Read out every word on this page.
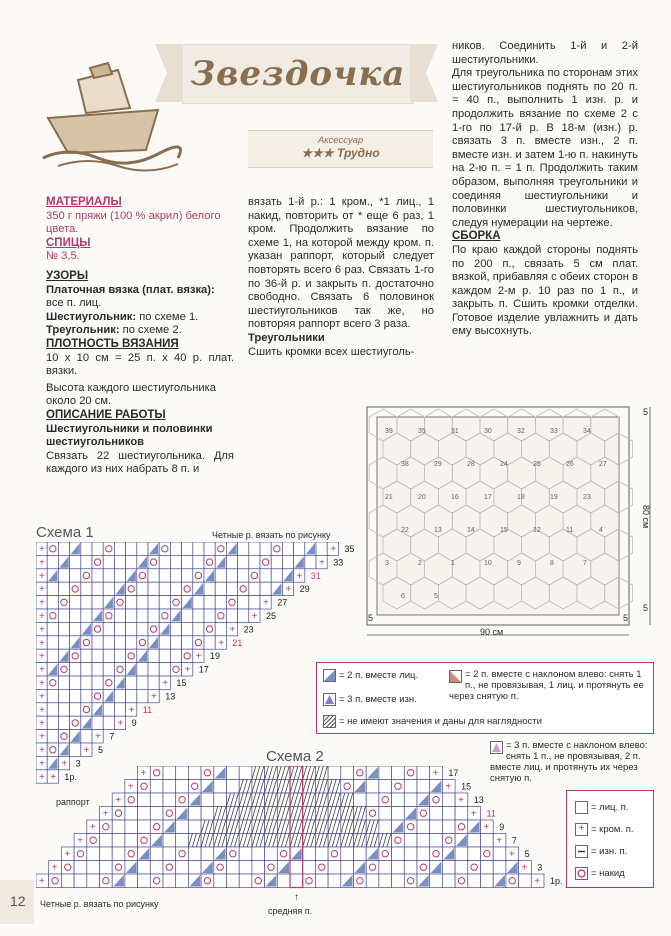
Звездочка
Аксессуар
★★★ Трудно

МАТЕРИАЛЫ

350 г пряжи (100 % акрил) белого цвета.

СПИЦЫ

№ 3,5.

УЗОРЫ

Платочная вязка (плат. вязка):

все п. лиц.

Шестиугольник: по схеме 1.

Треугольник: по схеме 2.

ПЛОТНОСТЬ ВЯЗАНИЯ

10 х 10 см = 25 п. х 40 р. плат. вязки.

Высота каждого шестиугольника около 20 см.

ОПИСАНИЕ РАБОТЫ

Шестиугольники и половинки шестиугольников

Связать 22 шестиугольника. Для каждого из них набрать 8 п. и

вязать 1-й р.: 1 кром., *1 лиц., 1 накид, повторить от * еще 6 раз, 1 кром. Продолжить вязание по схеме 1, на которой между кром. п. указан раппорт, который следует повторять всего 6 раз. Связать 1-го по 36-й р. и закрыть п. достаточно свободно. Связать 6 половинок шестиугольников так же, но повторяя раппорт всего 3 раза.

Треугольники

Сшить кромки всех шестиуголь-

ников. Соединить 1-й и 2-й шестиугольники.

Для треугольника по сторонам этих шестиугольников поднять по 20 п. = 40 п., выполнить 1 изн. р. и продолжить вязание по схеме 2 с 1-го по 17-й р. В 18-м (изн.) р. связать 3 п. вместе изн., 2 п. вместе изн. и затем 1-ю п. накинуть на 2-ю п. = 1 п. Продолжить таким образом, выполняя треугольники и соединяя шестиугольники и половинки шестиугольников, следуя нумерации на чертеже.

СБОРКА

По краю каждой стороны поднять по 200 п., связать 5 см плат. вязкой, прибавляя с обеих сторон в каждом 2-м р. 10 раз по 1 п., и закрыть п. Сшить кромки отделки. Готовое изделие увлажнить и дать ему высохнуть.

39	35	31	30	32	33	34
38	29	28	24	25	26	27
21	20	16	17	18	19	23
22	13	14	15	12	11	4
3	2	1	10	9	8	7
6	5
90 см
80 см
5
5
5	5
Схема 1	Четные р. вязать по рисунку
+	+ 35
+	+ 33
+	+ 31
+	+ 29
+	+ 27
+	+ 25
+	+ 23
+	+ 21
+	+ 19
+	+ 17
+	+ 15
+	+ 13
+	+ 11
+	+ 9
+	+ 7
+	+ 5
+ + 3
+ + 1р.
раппорт
Схема 2
+	+ 17
+	+ 15
+	+ 13
+	+ 11
+	+ 9
+	+ 7
+	+ 5
+	+ 3
+	+ 1р.
Четные р. вязать по рисунку
средняя п.
↑
= 2 п. вместе лиц.	= 2 п. вместе с наклоном влево: снять 1 п., не провязывая, 1 лиц. и протянуть ее через снятую п.
= 3 п. вместе изн.
= не имеют значения и даны для наглядности
= 3 п. вместе с наклоном влево: снять 1 п., не провязывая, 2 п. вместе лиц. и протянуть их через снятую п.
= лиц. п.
+ = кром. п.
= изн. п.
= накид
12
